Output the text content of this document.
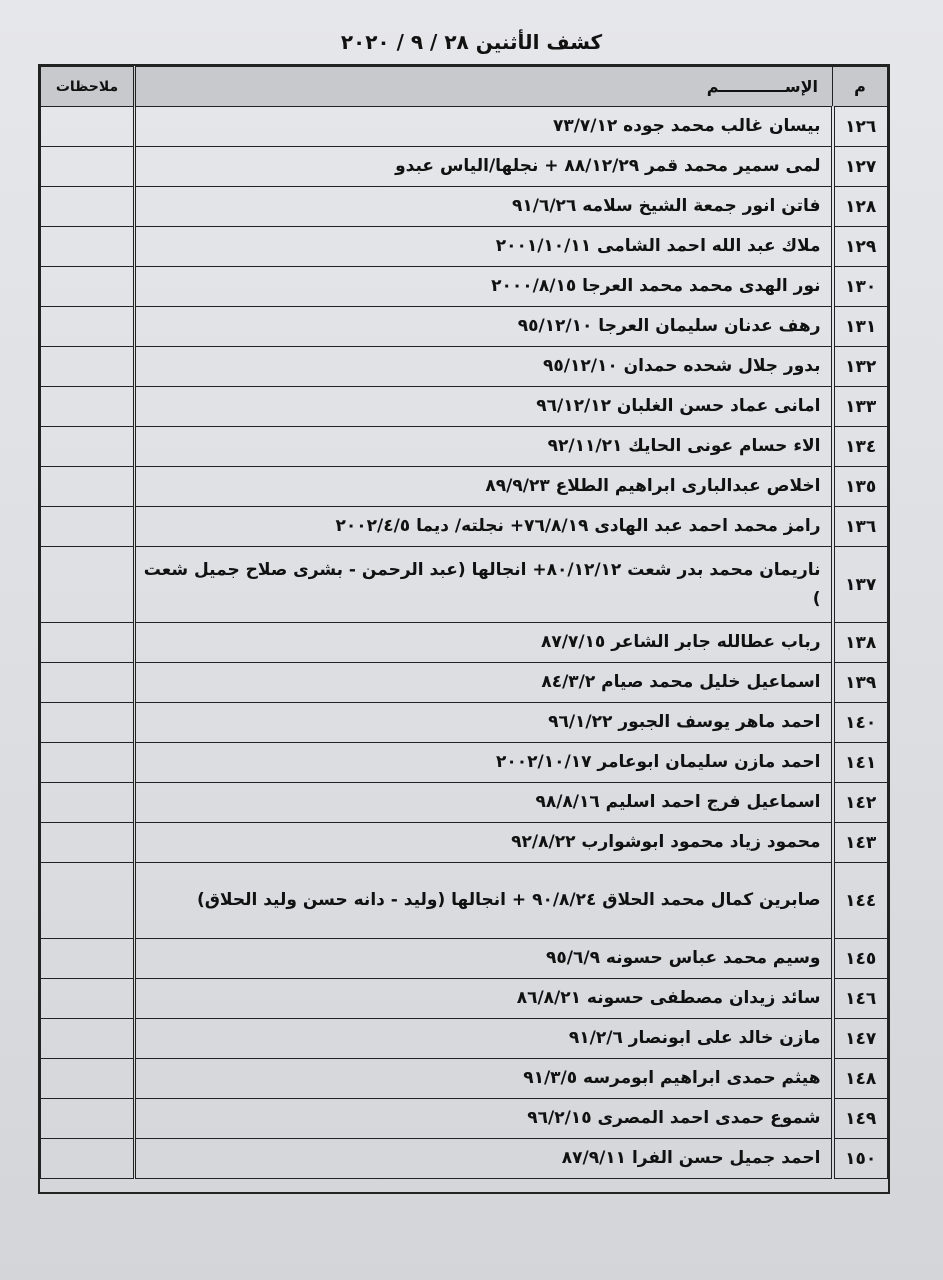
كشف الأثنين ٢٨ / ٩ / ٢٠٢٠
م	الإســــــــــــم	ملاحظات
١٢٦	بيسان غالب محمد جوده ٧٣/٧/١٢	
١٢٧	لمى سمير محمد قمر ٨٨/١٢/٢٩ + نجلها/الياس عبدو	
١٢٨	فاتن انور جمعة الشيخ سلامه ٩١/٦/٢٦	
١٢٩	ملاك عبد الله احمد الشامى ٢٠٠١/١٠/١١	
١٣٠	نور الهدى محمد محمد العرجا ٢٠٠٠/٨/١٥	
١٣١	رهف عدنان سليمان العرجا ٩٥/١٢/١٠	
١٣٢	بدور جلال شحده حمدان ٩٥/١٢/١٠	
١٣٣	امانى عماد حسن الغلبان ٩٦/١٢/١٢	
١٣٤	الاء حسام عونى الحايك ٩٢/١١/٢١	
١٣٥	اخلاص عبدالبارى ابراهيم الطلاع ٨٩/٩/٢٣	
١٣٦	رامز محمد احمد عبد الهادى ٧٦/٨/١٩+ نجلته/ ديما ٢٠٠٢/٤/٥	
١٣٧	ناريمان محمد بدر شعت ٨٠/١٢/١٢+ انجالها (عبد الرحمن - بشرى صلاح جميل شعت )	
١٣٨	رباب عطالله جابر الشاعر ٨٧/٧/١٥	
١٣٩	اسماعيل خليل محمد صيام ٨٤/٣/٢	
١٤٠	احمد ماهر يوسف الجبور ٩٦/١/٢٢	
١٤١	احمد مازن سليمان ابوعامر ٢٠٠٢/١٠/١٧	
١٤٢	اسماعيل فرج احمد اسليم ٩٨/٨/١٦	
١٤٣	محمود زياد محمود ابوشوارب ٩٢/٨/٢٢	
١٤٤	صابرين كمال محمد الحلاق ٩٠/٨/٢٤ + انجالها (وليد - دانه حسن وليد الحلاق)	
١٤٥	وسيم محمد عباس حسونه ٩٥/٦/٩	
١٤٦	سائد زيدان مصطفى حسونه ٨٦/٨/٢١	
١٤٧	مازن خالد على ابونصار ٩١/٢/٦	
١٤٨	هيثم حمدى ابراهيم ابومرسه ٩١/٣/٥	
١٤٩	شموع حمدى احمد المصرى ٩٦/٢/١٥	
١٥٠	احمد جميل حسن الفرا ٨٧/٩/١١	
